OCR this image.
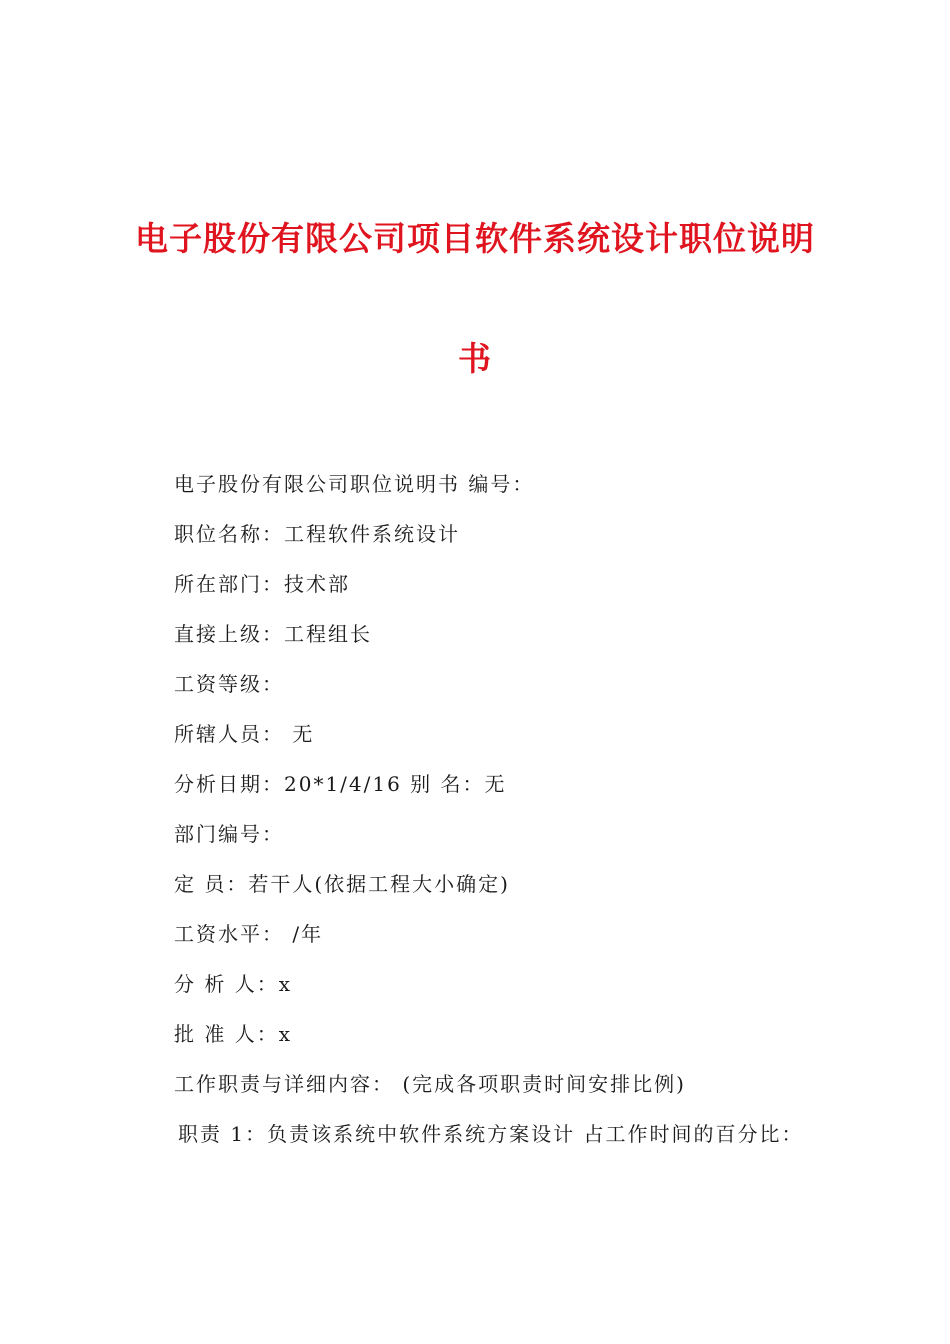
电子股份有限公司项目软件系统设计职位说明
书
电子股份有限公司职位说明书 编号：
职位名称：工程软件系统设计
所在部门：技术部
直接上级：工程组长
工资等级：
所辖人员： 无
分析日期：20*1/4/16 别 名：无
部门编号：
定 员：若干人(依据工程大小确定)
工资水平： /年
分 析 人：x
批 准 人：x
工作职责与详细内容： (完成各项职责时间安排比例)
职责 1：负责该系统中软件系统方案设计 占工作时间的百分比：
